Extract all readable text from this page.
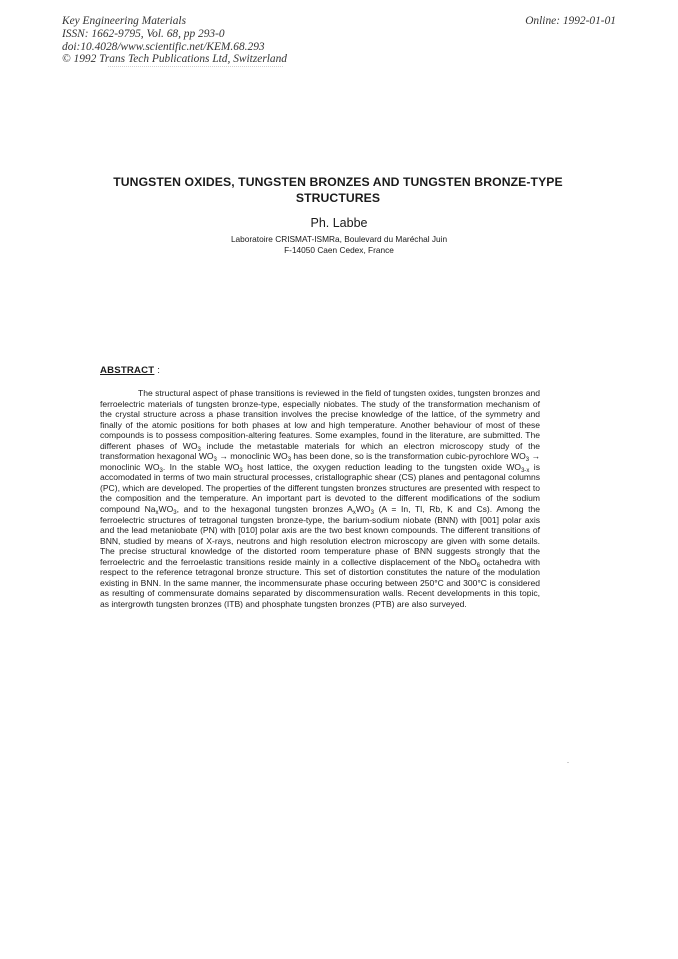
Key Engineering Materials
ISSN: 1662-9795, Vol. 68, pp 293-0
doi:10.4028/www.scientific.net/KEM.68.293
© 1992 Trans Tech Publications Ltd, Switzerland
Online: 1992-01-01
TUNGSTEN OXIDES, TUNGSTEN BRONZES AND TUNGSTEN BRONZE-TYPE STRUCTURES
Ph. Labbe
Laboratoire CRISMAT-ISMRa, Boulevard du Maréchal Juin
F-14050 Caen Cedex, France
ABSTRACT :

The structural aspect of phase transitions is reviewed in the field of tungsten oxides, tungsten bronzes and ferroelectric materials of tungsten bronze-type, especially niobates. The study of the transformation mechanism of the crystal structure across a phase transition involves the precise knowledge of the lattice, of the symmetry and finally of the atomic positions for both phases at low and high temperature. Another behaviour of most of these compounds is to possess composition-altering features. Some examples, found in the literature, are submitted. The different phases of $WO_3$ include the metastable materials for which an electron microscopy study of the transformation hexagonal $WO_3$ → monoclinic $WO_3$ has been done, so is the transformation cubic-pyrochlore $WO_3$ → monoclinic $WO_3$. In the stable $WO_3$ host lattice, the oxygen reduction leading to the tungsten oxide $WO_{3-x}$ is accomodated in terms of two main structural processes, cristallographic shear (CS) planes and pentagonal columns (PC), which are developed. The properties of the different tungsten bronzes structures are presented with respect to the composition and the temperature. An important part is devoted to the different modifications of the sodium compound $Na_xWO_3$, and to the hexagonal tungsten bronzes $A_xWO_3$ (A = In, Tl, Rb, K and Cs). Among the ferroelectric structures of tetragonal tungsten bronze-type, the barium-sodium niobate (BNN) with [001] polar axis and the lead metaniobate (PN) with [010] polar axis are the two best known compounds. The different transitions of BNN, studied by means of X-rays, neutrons and high resolution electron microscopy are given with some details. The precise structural knowledge of the distorted room temperature phase of BNN suggests strongly that the ferroelectric and the ferroelastic transitions reside mainly in a collective displacement of the NbO$_6$ octahedra with respect to the reference tetragonal bronze structure. This set of distortion constitutes the nature of the modulation existing in BNN. In the same manner, the incommensurate phase occuring between 250°C and 300°C is considered as resulting of commensurate domains separated by discommensuration walls. Recent developments in this topic, as intergrowth tungsten bronzes (ITB) and phosphate tungsten bronzes (PTB) are also surveyed.
